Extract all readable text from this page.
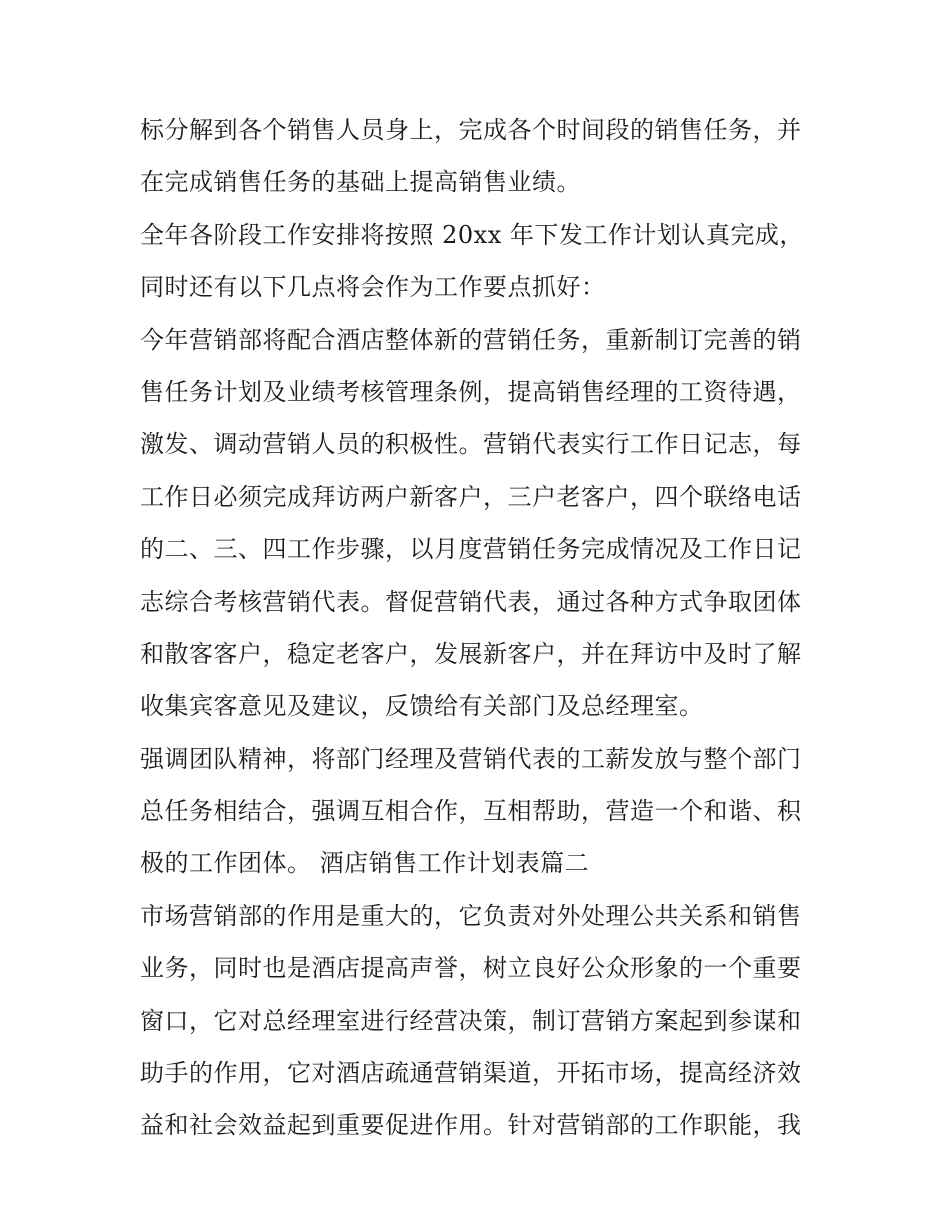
标分解到各个销售人员身上，完成各个时间段的销售任务，并
在完成销售任务的基础上提高销售业绩。
全年各阶段工作安排将按照 20xx 年下发工作计划认真完成，
同时还有以下几点将会作为工作要点抓好：
今年营销部将配合酒店整体新的营销任务，重新制订完善的销
售任务计划及业绩考核管理条例，提高销售经理的工资待遇，
激发、调动营销人员的积极性。营销代表实行工作日记志，每
工作日必须完成拜访两户新客户，三户老客户，四个联络电话
的二、三、四工作步骤，以月度营销任务完成情况及工作日记
志综合考核营销代表。督促营销代表，通过各种方式争取团体
和散客客户，稳定老客户，发展新客户，并在拜访中及时了解
收集宾客意见及建议，反馈给有关部门及总经理室。
强调团队精神，将部门经理及营销代表的工薪发放与整个部门
总任务相结合，强调互相合作，互相帮助，营造一个和谐、积
极的工作团体。 酒店销售工作计划表篇二
市场营销部的作用是重大的，它负责对外处理公共关系和销售
业务，同时也是酒店提高声誉，树立良好公众形象的一个重要
窗口，它对总经理室进行经营决策，制订营销方案起到参谋和
助手的作用，它对酒店疏通营销渠道，开拓市场，提高经济效
益和社会效益起到重要促进作用。针对营销部的工作职能，我
